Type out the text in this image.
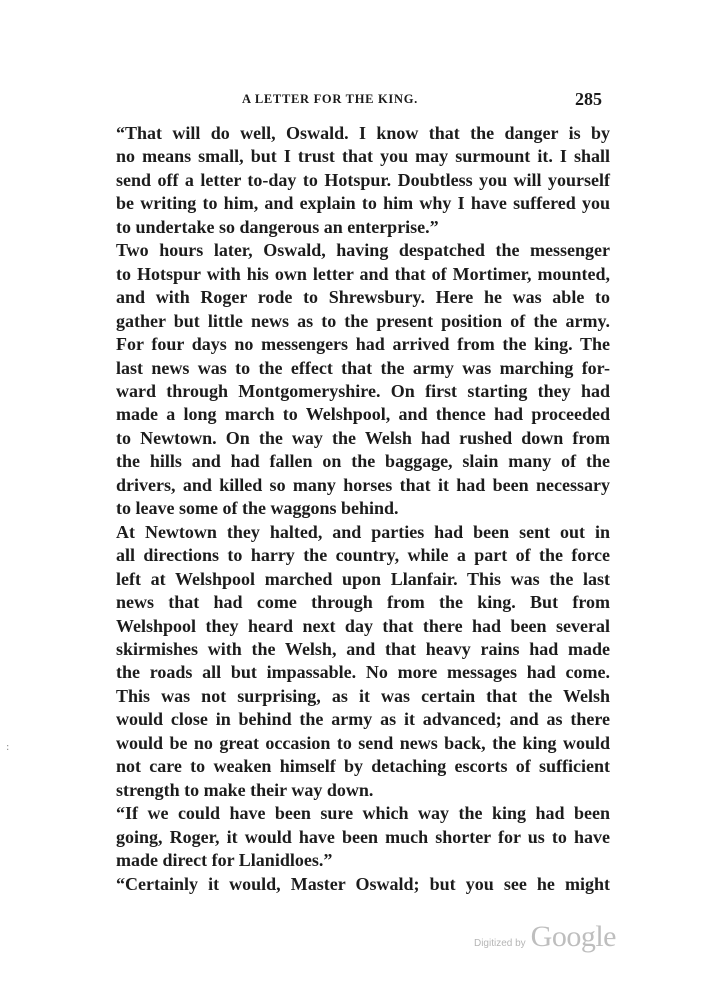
A LETTER FOR THE KING.	285

“That will do well, Oswald. I know that the danger is by
no means small, but I trust that you may surmount it. I shall
send off a letter to-day to Hotspur. Doubtless you will yourself
be writing to him, and explain to him why I have suffered you
to undertake so dangerous an enterprise.”

Two hours later, Oswald, having despatched the messenger
to Hotspur with his own letter and that of Mortimer, mounted,
and with Roger rode to Shrewsbury. Here he was able to
gather but little news as to the present position of the army.
For four days no messengers had arrived from the king. The
last news was to the effect that the army was marching for-
ward through Montgomeryshire. On first starting they had
made a long march to Welshpool, and thence had proceeded
to Newtown. On the way the Welsh had rushed down from
the hills and had fallen on the baggage, slain many of the
drivers, and killed so many horses that it had been necessary
to leave some of the waggons behind.

At Newtown they halted, and parties had been sent out in
all directions to harry the country, while a part of the force
left at Welshpool marched upon Llanfair. This was the last
news that had come through from the king. But from
Welshpool they heard next day that there had been several
skirmishes with the Welsh, and that heavy rains had made
the roads all but impassable. No more messages had come.
This was not surprising, as it was certain that the Welsh
would close in behind the army as it advanced; and as there
would be no great occasion to send news back, the king would
not care to weaken himself by detaching escorts of sufficient
strength to make their way down.

“If we could have been sure which way the king had been
going, Roger, it would have been much shorter for us to have
made direct for Llanidloes.”

“Certainly it would, Master Oswald; but you see he might

:
Digitized by Google
